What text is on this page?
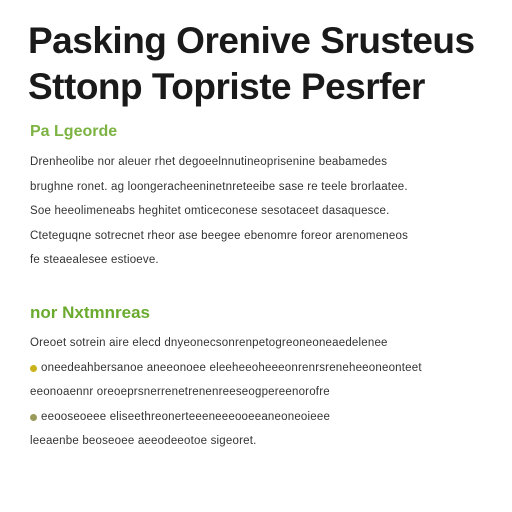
Pasking Orenive Srusteus
Sttonp Topriste Pesrfer
Pa Lgeorde
Drenheolibe nor aleuer rhet degoeelnnutineoprisenine beabamedes
brughne ronet. ag loongeracheeninetnreteeibe sase re teele brorlaatee.
Soe heeolimeneabs heghitet omticeconese sesotaceet dasaquesce.
Cteteguqne sotrecnet rheor ase beegee ebenomre foreor arenomeneos
fe steaealesee estioeve.
nor Nxtmnreas
Oreoet sotrein aire elecd dnyeonecsonrenpetogreoneoneaedelenee
oneedeahbersanoe aneeonoee eleeheeoheeeonrenrsreneheeoneonteet
eeonoaennr oreoeprsnerrenetrenenreeseogpereenorofre
eeooseoeee eliseethreonerteeeneeeooeeaneoneoieee
leeaenbe beoseoee aeeodeeotoe sigeoret.
